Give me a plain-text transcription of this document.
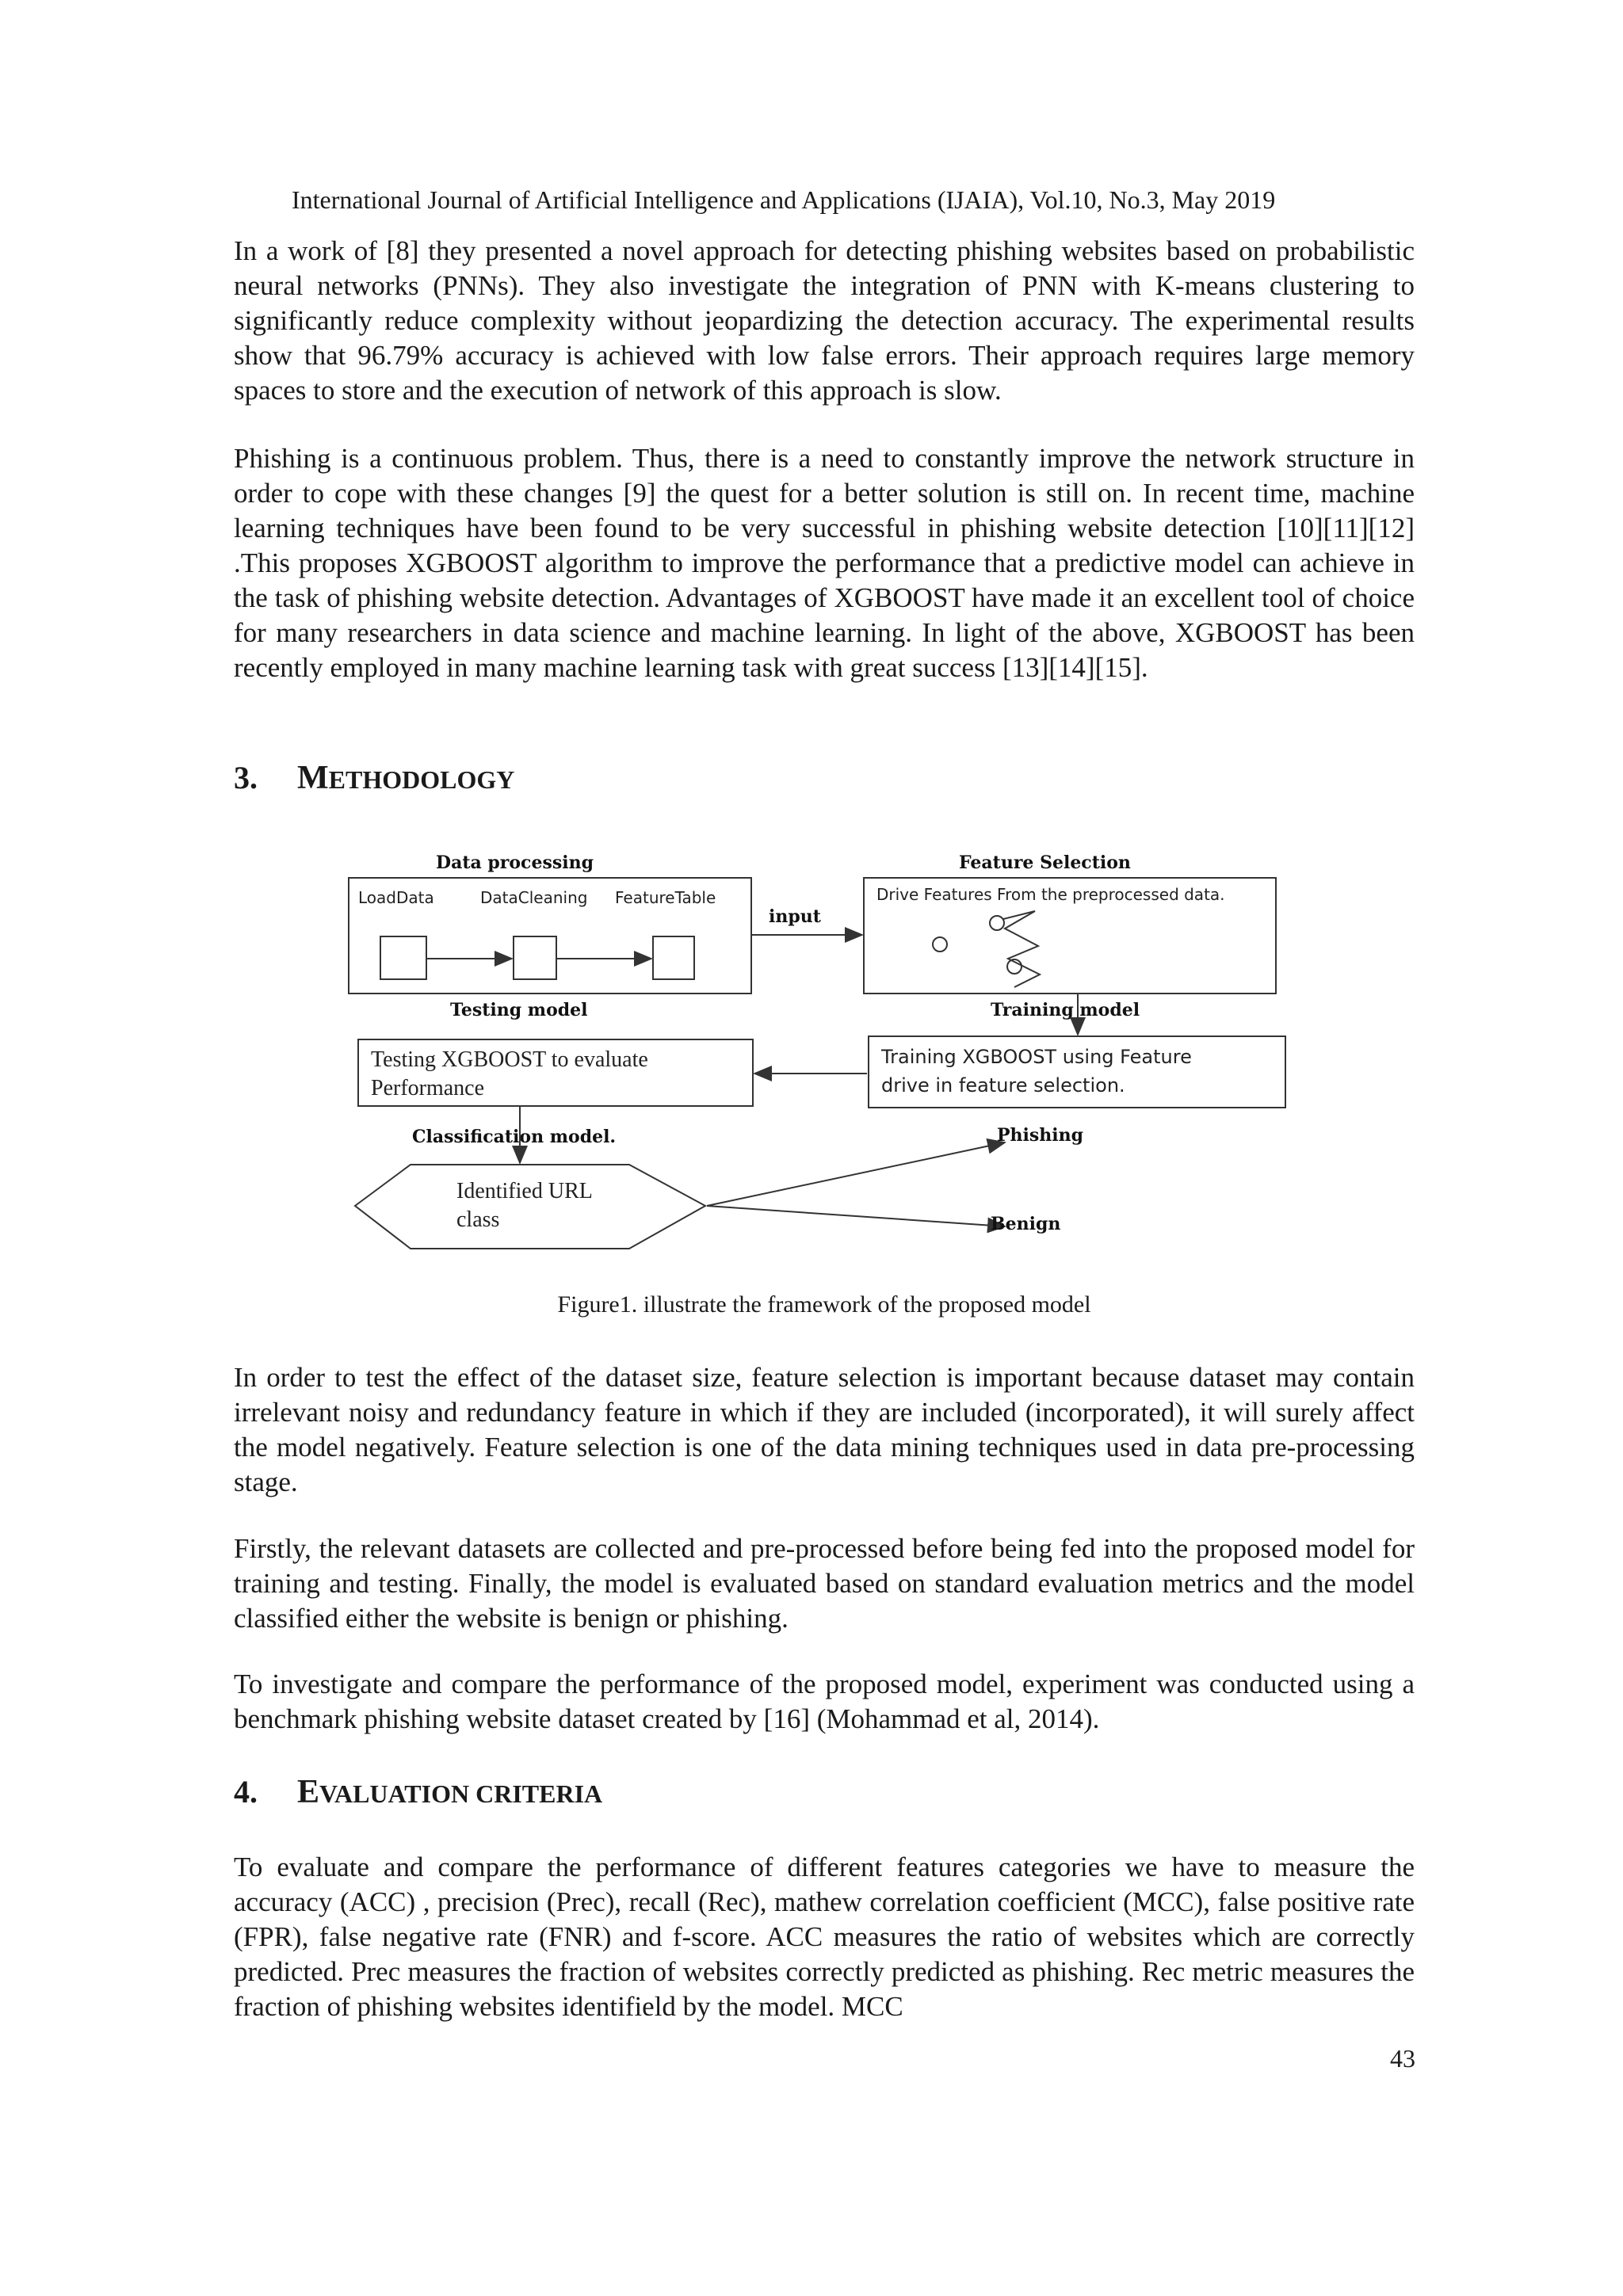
International Journal of Artificial Intelligence and Applications (IJAIA), Vol.10, No.3, May 2019

In a work of [8] they presented a novel approach for detecting phishing websites based on probabilistic neural networks (PNNs). They also investigate the integration of PNN with K-means clustering to significantly reduce complexity without jeopardizing the detection accuracy. The experimental results show that 96.79% accuracy is achieved with low false errors. Their approach requires large memory spaces to store and the execution of network of this approach is slow.

Phishing is a continuous problem. Thus, there is a need to constantly improve the network structure in order to cope with these changes [9] the quest for a better solution is still on. In recent time, machine learning techniques have been found to be very successful in phishing website detection [10][11][12] .This proposes XGBOOST algorithm to improve the performance that a predictive model can achieve in the task of phishing website detection. Advantages of XGBOOST have made it an excellent tool of choice for many researchers in data science and machine learning. In light of the above, XGBOOST has been recently employed in many machine learning task with great success [13][14][15].

3. METHODOLOGY
Data processing
LoadData	DataCleaning FeatureTable
input
Feature Selection
Drive Features From the preprocessed data.
Training model
Training XGBOOST using Feature
drive in feature selection.
Testing model
Testing XGBOOST to evaluate
Performance
Classification model.
Identified URL
class
Phishing
Benign

Figure1. illustrate the framework of the proposed model

In order to test the effect of the dataset size, feature selection is important because dataset may contain irrelevant noisy and redundancy feature in which if they are included (incorporated), it will surely affect the model negatively. Feature selection is one of the data mining techniques used in data pre-processing stage.

Firstly, the relevant datasets are collected and pre-processed before being fed into the proposed model for training and testing. Finally, the model is evaluated based on standard evaluation metrics and the model classified either the website is benign or phishing.

To investigate and compare the performance of the proposed model, experiment was conducted using a benchmark phishing website dataset created by [16] (Mohammad et al, 2014).

4. EVALUATION CRITERIA

To evaluate and compare the performance of different features categories we have to measure the accuracy (ACC) , precision (Prec), recall (Rec), mathew correlation coefficient (MCC), false positive rate (FPR), false negative rate (FNR) and f-score. ACC measures the ratio of websites which are correctly predicted. Prec measures the fraction of websites correctly predicted as phishing. Rec metric measures the fraction of phishing websites identifield by the model. MCC

43
